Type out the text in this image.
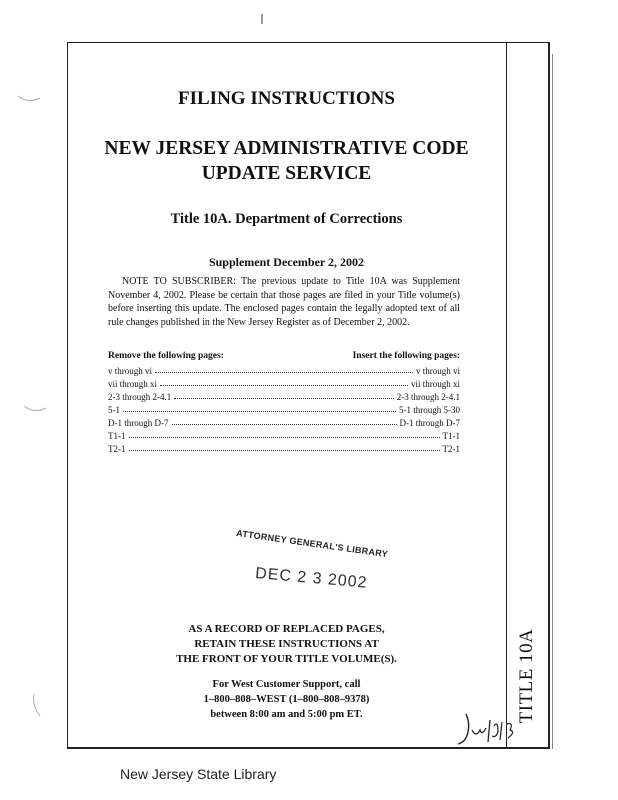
TITLE 10A
FILING INSTRUCTIONS
NEW JERSEY ADMINISTRATIVE CODE
UPDATE SERVICE
Title 10A. Department of Corrections
Supplement December 2, 2002
NOTE TO SUBSCRIBER: The previous update to Title 10A was Supplement November 4, 2002. Please be certain that those pages are filed in your Title volume(s) before inserting this update. The enclosed pages contain the legally adopted text of all rule changes published in the New Jersey Register as of December 2, 2002.
Remove the following pages:	Insert the following pages:
v through vi	v through vi
vii through xi	vii through xi
2-3 through 2-4.1	2-3 through 2-4.1
5-1	5-1 through 5-30
D-1 through D-7	D-1 through D-7
T1-1	T1-1
T2-1	T2-1
ATTORNEY GENERAL'S LIBRARY
DEC 2 3 2002
AS A RECORD OF REPLACED PAGES,
RETAIN THESE INSTRUCTIONS AT
THE FRONT OF YOUR TITLE VOLUME(S).
For West Customer Support, call
1–800–808–WEST (1–800–808–9378)
between 8:00 am and 5:00 pm ET.
New Jersey State Library
